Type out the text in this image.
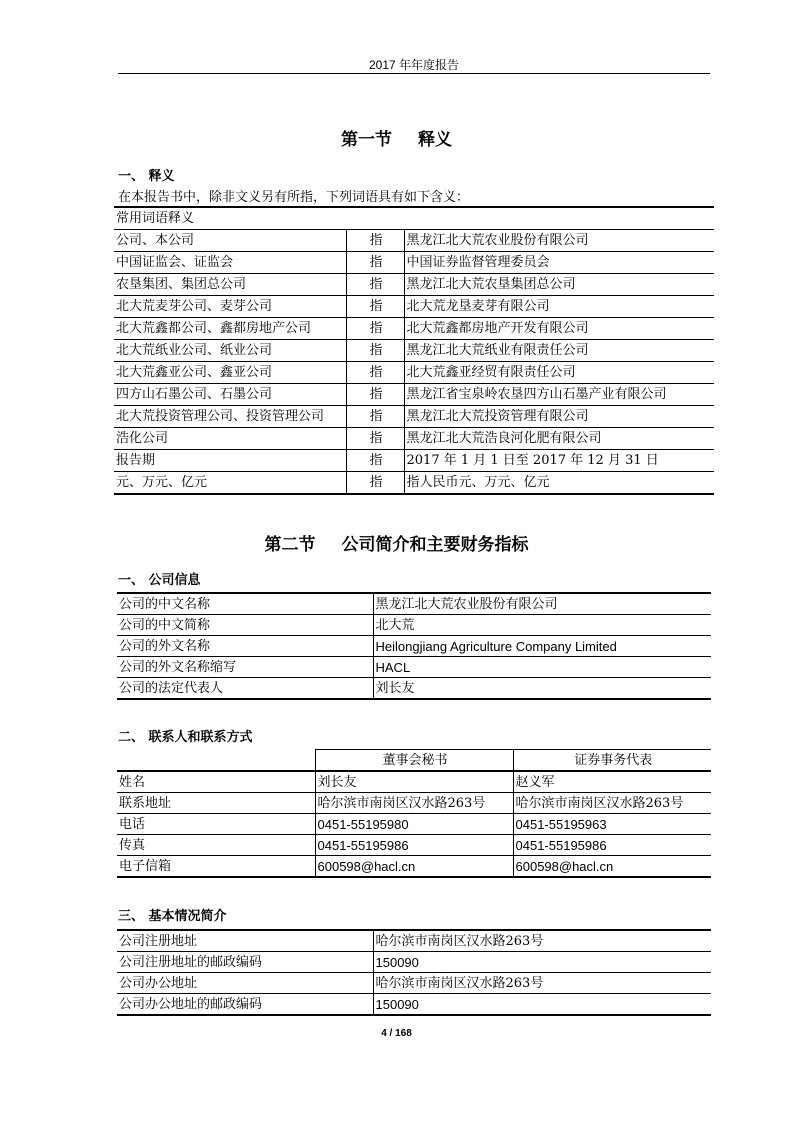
2017 年年度报告
第一节 释义
一、 释义
在本报告书中，除非文义另有所指，下列词语具有如下含义：
常用词语释义		
公司、本公司	指	黑龙江北大荒农业股份有限公司
中国证监会、证监会	指	中国证券监督管理委员会
农垦集团、集团总公司	指	黑龙江北大荒农垦集团总公司
北大荒麦芽公司、麦芽公司	指	北大荒龙垦麦芽有限公司
北大荒鑫都公司、鑫都房地产公司	指	北大荒鑫都房地产开发有限公司
北大荒纸业公司、纸业公司	指	黑龙江北大荒纸业有限责任公司
北大荒鑫亚公司、鑫亚公司	指	北大荒鑫亚经贸有限责任公司
四方山石墨公司、石墨公司	指	黑龙江省宝泉岭农垦四方山石墨产业有限公司
北大荒投资管理公司、投资管理公司	指	黑龙江北大荒投资管理有限公司
浩化公司	指	黑龙江北大荒浩良河化肥有限公司
报告期	指	2017 年 1 月 1 日至 2017 年 12 月 31 日
元、万元、亿元	指	指人民币元、万元、亿元
第二节 公司简介和主要财务指标
一、 公司信息
公司的中文名称	黑龙江北大荒农业股份有限公司
公司的中文简称	北大荒
公司的外文名称	Heilongjiang Agriculture Company Limited
公司的外文名称缩写	HACL
公司的法定代表人	刘长友
二、 联系人和联系方式
	董事会秘书	证券事务代表
姓名	刘长友	赵义军
联系地址	哈尔滨市南岗区汉水路263号	哈尔滨市南岗区汉水路263号
电话	0451-55195980	0451-55195963
传真	0451-55195986	0451-55195986
电子信箱	600598@hacl.cn	600598@hacl.cn
三、 基本情况简介
公司注册地址	哈尔滨市南岗区汉水路263号
公司注册地址的邮政编码	150090
公司办公地址	哈尔滨市南岗区汉水路263号
公司办公地址的邮政编码	150090
4 / 168
